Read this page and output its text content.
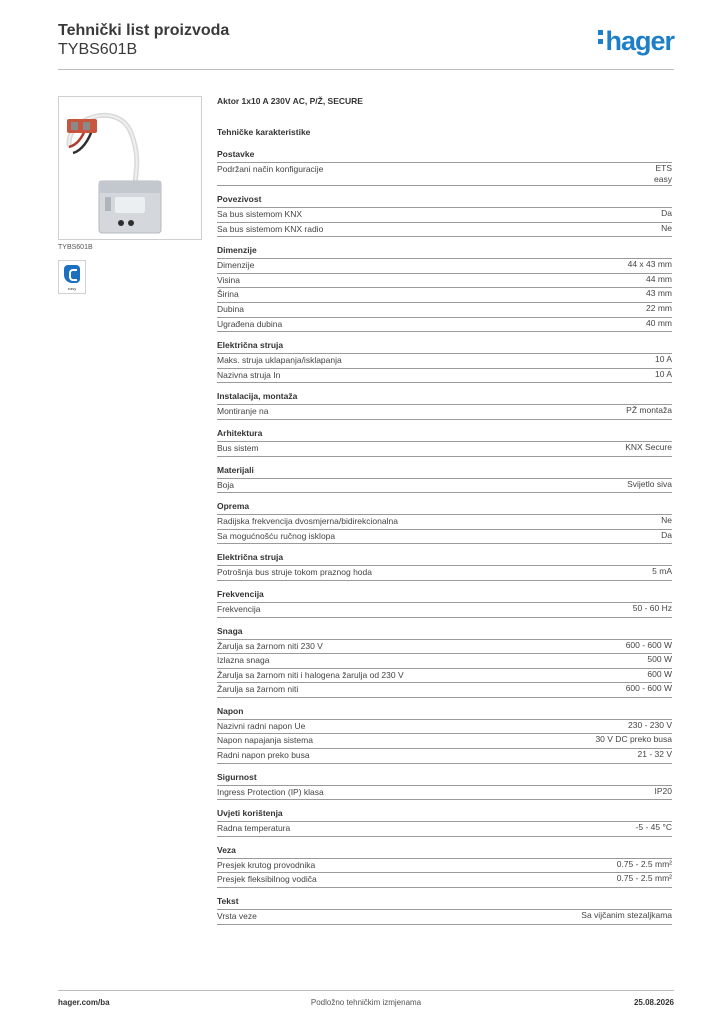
Tehnički list proizvoda
TYBS601B	hager
TYBS601B
easy
Aktor 1x10 A 230V AC, P/Ž, SECURE
Tehničke karakteristike
Postavke
Podržani način konfiguracije	ETS
easy
Povezivost
Sa bus sistemom KNX	Da
Sa bus sistemom KNX radio	Ne
Dimenzije
Dimenzije	44 x 43 mm
Visina	44 mm
Širina	43 mm
Dubina	22 mm
Ugrađena dubina	40 mm
Električna struja
Maks. struja uklapanja/isklapanja	10 A
Nazivna struja In	10 A
Instalacija, montaža
Montiranje na	PŽ montaža
Arhitektura
Bus sistem	KNX Secure
Materijali
Boja	Svijetlo siva
Oprema
Radijska frekvencija dvosmjerna/bidirekcionalna	Ne
Sa mogućnošću ručnog isklopa	Da
Električna struja
Potrošnja bus struje tokom praznog hoda	5 mA
Frekvencija
Frekvencija	50 - 60 Hz
Snaga
Žarulja sa žarnom niti 230 V	600 - 600 W
Izlazna snaga	500 W
Žarulja sa žarnom niti i halogena žarulja od 230 V	600 W
Žarulja sa žarnom niti	600 - 600 W
Napon
Nazivni radni napon Ue	230 - 230 V
Napon napajanja sistema	30 V DC preko busa
Radni napon preko busa	21 - 32 V
Sigurnost
Ingress Protection (IP) klasa	IP20
Uvjeti korištenja
Radna temperatura	-5 - 45 °C
Veza
Presjek krutog provodnika	0.75 - 2.5 mm²
Presjek fleksibilnog vodiča	0.75 - 2.5 mm²
Tekst
Vrsta veze	Sa vijčanim stezaljkama
hager.com/ba	Podložno tehničkim izmjenama	25.08.2026
